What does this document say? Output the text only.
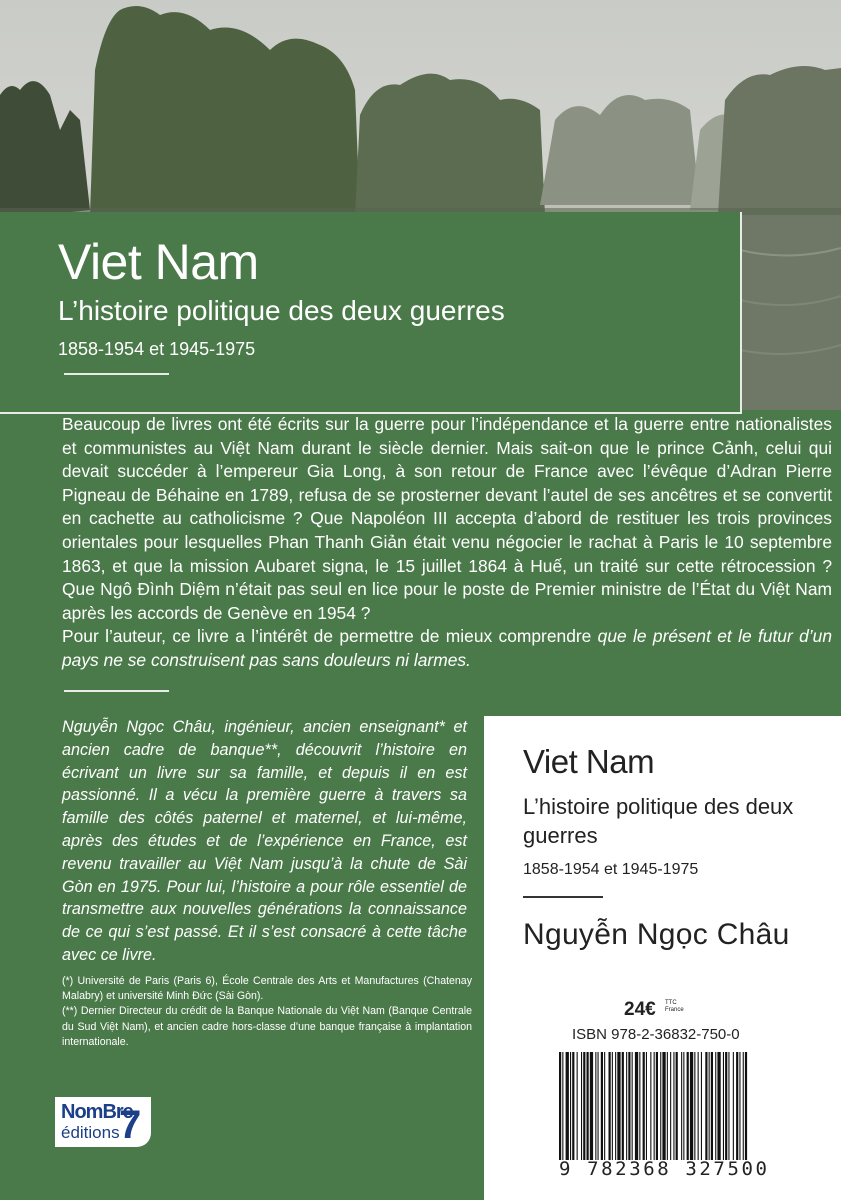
Viet Nam
L’histoire politique des deux guerres
1858-1954 et 1945-1975

Beaucoup de livres ont été écrits sur la guerre pour l’indépendance et la guerre entre nationalistes et communistes au Việt Nam durant le siècle dernier. Mais sait-on que le prince Cảnh, celui qui devait succéder à l’empereur Gia Long, à son retour de France avec l’évêque d’Adran Pierre Pigneau de Béhaine en 1789, refusa de se prosterner devant l’autel de ses ancêtres et se convertit en cachette au catholicisme ? Que Napoléon III accepta d’abord de restituer les trois provinces orientales pour lesquelles Phan Thanh Giản était venu négocier le rachat à Paris le 10 septembre 1863, et que la mission Aubaret signa, le 15 juillet 1864 à Huế, un traité sur cette rétrocession ? Que Ngô Đình Diệm n’était pas seul en lice pour le poste de Premier ministre de l’État du Việt Nam après les accords de Genève en 1954 ?

Pour l’auteur, ce livre a l’intérêt de permettre de mieux comprendre que le présent et le futur d’un pays ne se construisent pas sans douleurs ni larmes.

Nguyễn Ngọc Châu, ingénieur, ancien enseignant* et ancien cadre de banque**, découvrit l’histoire en écrivant un livre sur sa famille, et depuis il en est passionné. Il a vécu la première guerre à travers sa famille des côtés paternel et maternel, et lui-même, après des études et de l’expérience en France, est revenu travailler au Việt Nam jusqu’à la chute de Sài Gòn en 1975. Pour lui, l’histoire a pour rôle essentiel de transmettre aux nouvelles générations la connaissance de ce qui s’est passé. Et il s’est consacré à cette tâche avec ce livre.

(*) Université de Paris (Paris 6), École Centrale des Arts et Manufactures (Chatenay Malabry) et université Minh Đức (Sài Gòn).

(**) Dernier Directeur du crédit de la Banque Nationale du Việt Nam (Banque Centrale du Sud Việt Nam), et ancien cadre hors-classe d’une banque française à implantation internationale.

NomBre
éditions 7
Viet Nam
L’histoire politique des deux guerres
1858-1954 et 1945-1975
Nguyễn Ngọc Châu
24€ TTC
France
ISBN 978-2-36832-750-0
9 782368 327500
